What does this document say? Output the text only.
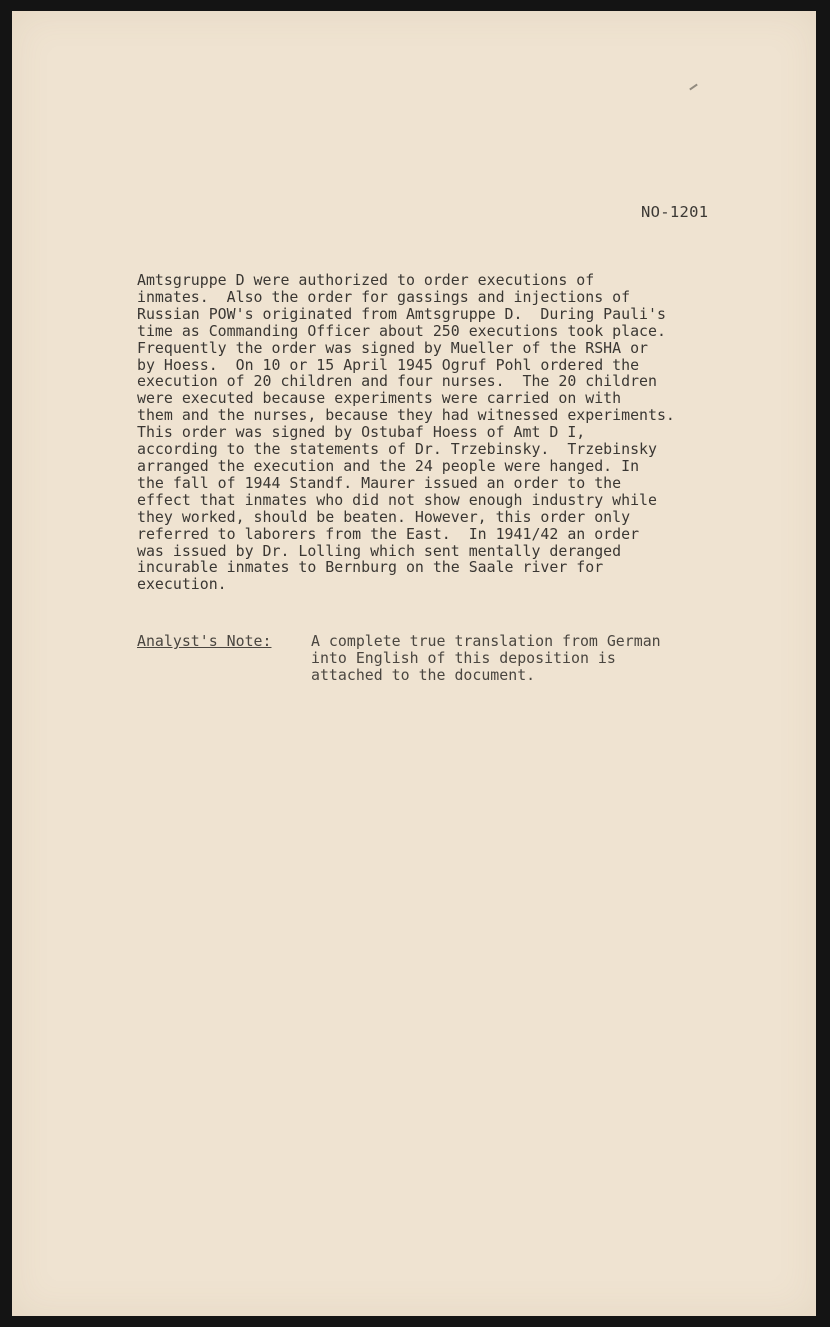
NO-1201
Amtsgruppe D were authorized to order executions of
inmates.  Also the order for gassings and injections of
Russian POW's originated from Amtsgruppe D.  During Pauli's
time as Commanding Officer about 250 executions took place.
Frequently the order was signed by Mueller of the RSHA or
by Hoess.  On 10 or 15 April 1945 Ogruf Pohl ordered the
execution of 20 children and four nurses.  The 20 children
were executed because experiments were carried on with
them and the nurses, because they had witnessed experiments.
This order was signed by Ostubaf Hoess of Amt D I,
according to the statements of Dr. Trzebinsky.  Trzebinsky
arranged the execution and the 24 people were hanged. In
the fall of 1944 Standf. Maurer issued an order to the
effect that inmates who did not show enough industry while
they worked, should be beaten. However, this order only
referred to laborers from the East.  In 1941/42 an order
was issued by Dr. Lolling which sent mentally deranged
incurable inmates to Bernburg on the Saale river for
execution.
Analyst's Note:	A complete true translation from German
into English of this deposition is
attached to the document.
